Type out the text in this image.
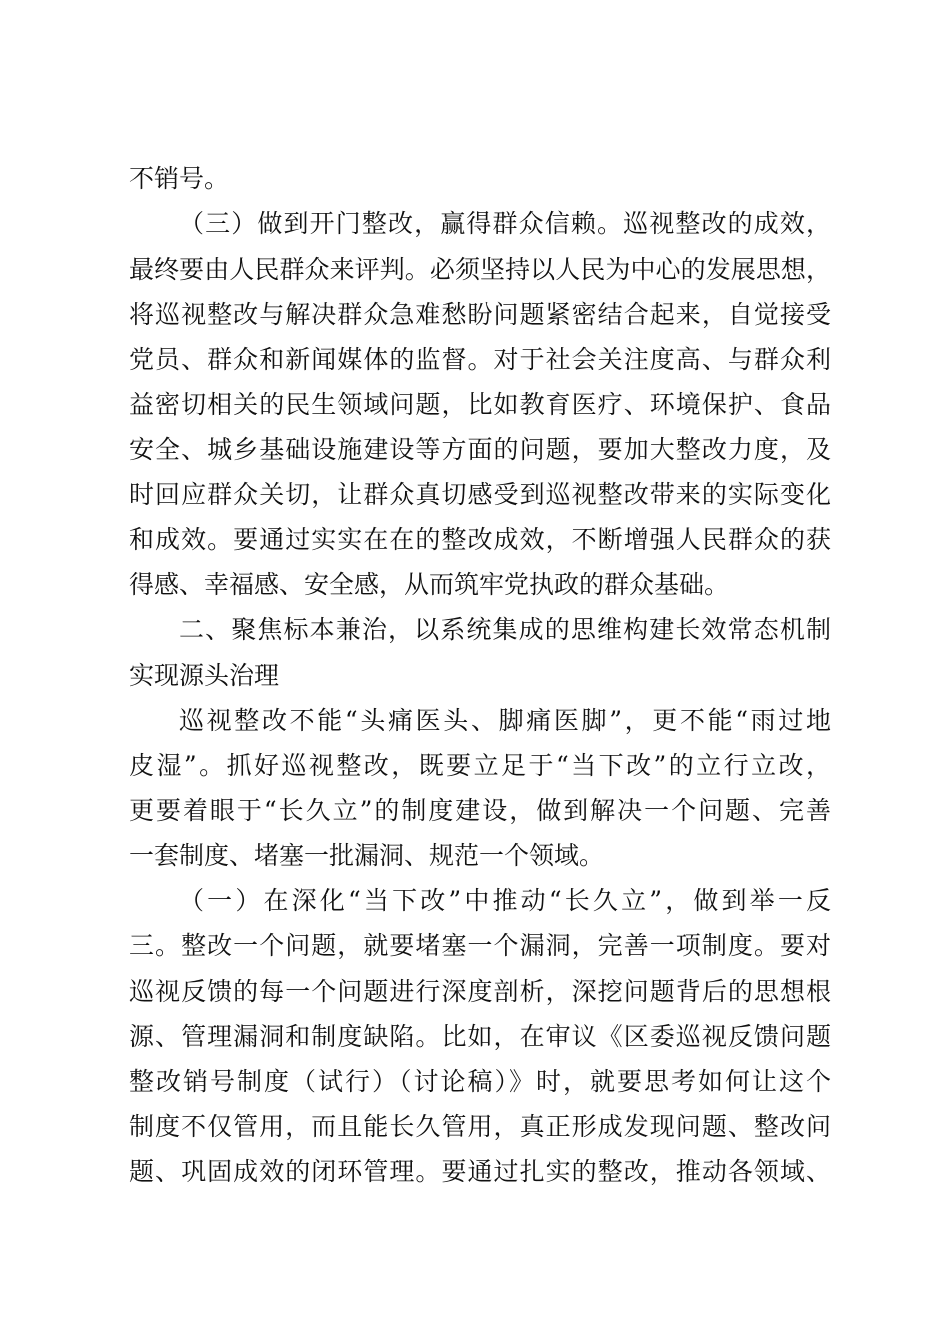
不销号。
（三）做到开门整改，赢得群众信赖。巡视整改的成效，
最终要由人民群众来评判。必须坚持以人民为中心的发展思想，
将巡视整改与解决群众急难愁盼问题紧密结合起来，自觉接受
党员、群众和新闻媒体的监督。对于社会关注度高、与群众利
益密切相关的民生领域问题，比如教育医疗、环境保护、食品
安全、城乡基础设施建设等方面的问题，要加大整改力度，及
时回应群众关切，让群众真切感受到巡视整改带来的实际变化
和成效。要通过实实在在的整改成效，不断增强人民群众的获
得感、幸福感、安全感，从而筑牢党执政的群众基础。
二、聚焦标本兼治，以系统集成的思维构建长效常态机制
实现源头治理
巡视整改不能“头痛医头、脚痛医脚”，更不能“雨过地
皮湿”。抓好巡视整改，既要立足于“当下改”的立行立改，
更要着眼于“长久立”的制度建设，做到解决一个问题、完善
一套制度、堵塞一批漏洞、规范一个领域。
（一）在深化“当下改”中推动“长久立”，做到举一反
三。整改一个问题，就要堵塞一个漏洞，完善一项制度。要对
巡视反馈的每一个问题进行深度剖析，深挖问题背后的思想根
源、管理漏洞和制度缺陷。比如，在审议《区委巡视反馈问题
整改销号制度（试行）（讨论稿）》时，就要思考如何让这个
制度不仅管用，而且能长久管用，真正形成发现问题、整改问
题、巩固成效的闭环管理。要通过扎实的整改，推动各领域、
